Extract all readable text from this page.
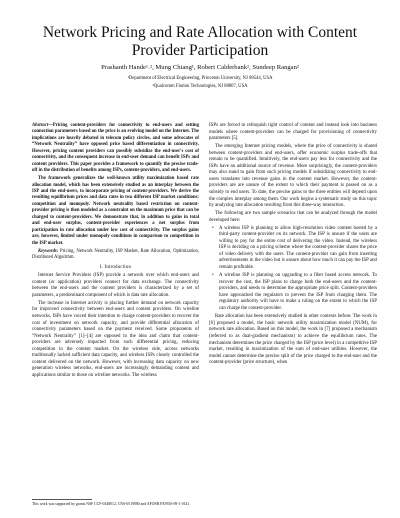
Network Pricing and Rate Allocation with Content Provider Participation
Prashanth Hande¹˒², Mung Chiang¹, Robert Calderbank¹, Sundeep Rangan²
¹Department of Electrical Engineering, Princeton University, NJ 08544, USA
²Qualcomm Flarion Technologies, NJ 08807, USA

Abstract—Pricing content-providers for connectivity to end-users and setting connection parameters based on the price is an evolving model on the Internet. The implications are heavily debated in telecom policy circles, and some advocates of “Network Neutrality” have opposed price based differentiation in connectivity. However, pricing content providers can possibly subsidize the end-user's cost of connectivity, and the consequent increase in end-user demand can benefit ISPs and content providers. This paper provides a framework to quantify the precise trade-off in the distribution of benefits among ISPs, content-providers, and end-users.

The framework generalizes the well-known utility maximization based rate allocation model, which has been extensively studied as an interplay between the ISP and the end-users, to incorporate pricing of content-providers. We derive the resulting equilibrium prices and data rates in two different ISP market conditions: competition and monopoly. Network neutrality based restriction on content-provider pricing is then modeled as a constraint on the maximum price that can be charged to content-providers. We demonstrate that, in addition to gains in total and end-user surplus, content-provider experiences a net surplus from participation in rate allocation under low cost of connectivity. The surplus gains are, however, limited under monopoly conditions in comparison to competition in the ISP market.

Keywords: Pricing, Network Neutrality, ISP Market, Rate Allocation, Optimization, Distributed Algorithm.

I. Introduction

Internet Service Providers (ISP) provide a network over which end-users and content (or application) providers connect for data exchange. The connectivity between the end-users and the content providers is characterized by a set of parameters, a predominant component of which is data rate allocation.

The increase in Internet activity is placing further demand on network capacity for improved connectivity between end-users and content providers. On wireline networks, ISPs have voiced their intention to charge content-providers to recover the cost of investment on network capacity, and provide differential allocation of connectivity parameters based on the payment received. Some proponents of “Network Neutrality” [1]–[4] are opposed to the idea and claim that content-providers are adversely impacted from such differential pricing, reducing competition in the content market. On the wireless side, access networks traditionally lacked sufficient data capacity, and wireless ISPs closely controlled the content delivered on the network. However, with increasing data capacity on new generation wireless networks, end-users are increasingly demanding content and applications similar to those on wireline networks. The wireless

ISPs are forced to relinquish tight control of content and instead look into business models where content-providers can be charged for provisioning of connectivity parameters [5].

The emerging Internet pricing models, where the price of connectivity is shared between content-providers and end-users, offer economic surplus trade-offs that remain to be quantified. Intuitively, the end-users pay less for connectivity and the ISPs have an additional source of revenue. More surprisingly, the content-providers may also stand to gain from such pricing models if subsidizing connectivity to end-users translates into revenue gains in the content market. However, the content-providers are are unsure of the extent to which their payment is passed on as a subsidy to end users. To date, the precise gains to the three entities will depend upon the complex interplay among them. Our work begins a systematic study on this topic by analyzing rate allocation resulting from this three-way interaction.

The following are two sample scenarios that can be analyzed through the model developed here:

• A wireless ISP is planning to allow high-resolution video content hosted by a third-party content-provider on its network. The ISP is unsure if the users are willing to pay for the entire cost of delivering the video. Instead, the wireless ISP is deciding on a pricing scheme where the content-provider shares the price of video delivery with the users. The content-provider can gain from inserting advertisements in the video but is unsure about how much it can pay the ISP and remain profitable.
• A wireline ISP is planning on upgrading to a fiber based access network. To recover the cost, the ISP plans to charge both the end-users and the content-providers, and needs to determine the appropriate price split. Content-providers have approached the regulators to prevent the ISP from charging them. The regulatory authority will have to make a ruling on the extent to which the ISP can charge the content-provider.

Rate allocation has been extensively studied in other contexts before. The work in [6] proposed a model, the basic network utility maximization model (NUM), for network rate allocation. Based on this model, the work in [7] proposed a mechanism (referred to as dual-gradient mechanism) to achieve the equilibrium rates. The mechanism determines the price charged by the ISP (price level) in a competitive ISP market, resulting in maximization of the sum of end-user utilities. However, the model cannot determine the precise split of the price charged to the end-user and the content-provider (price structure), when

This work was supported by grants NSF CCF-0448012, CNS-0519880 and AFOSR FA9550-09-1-0141.
